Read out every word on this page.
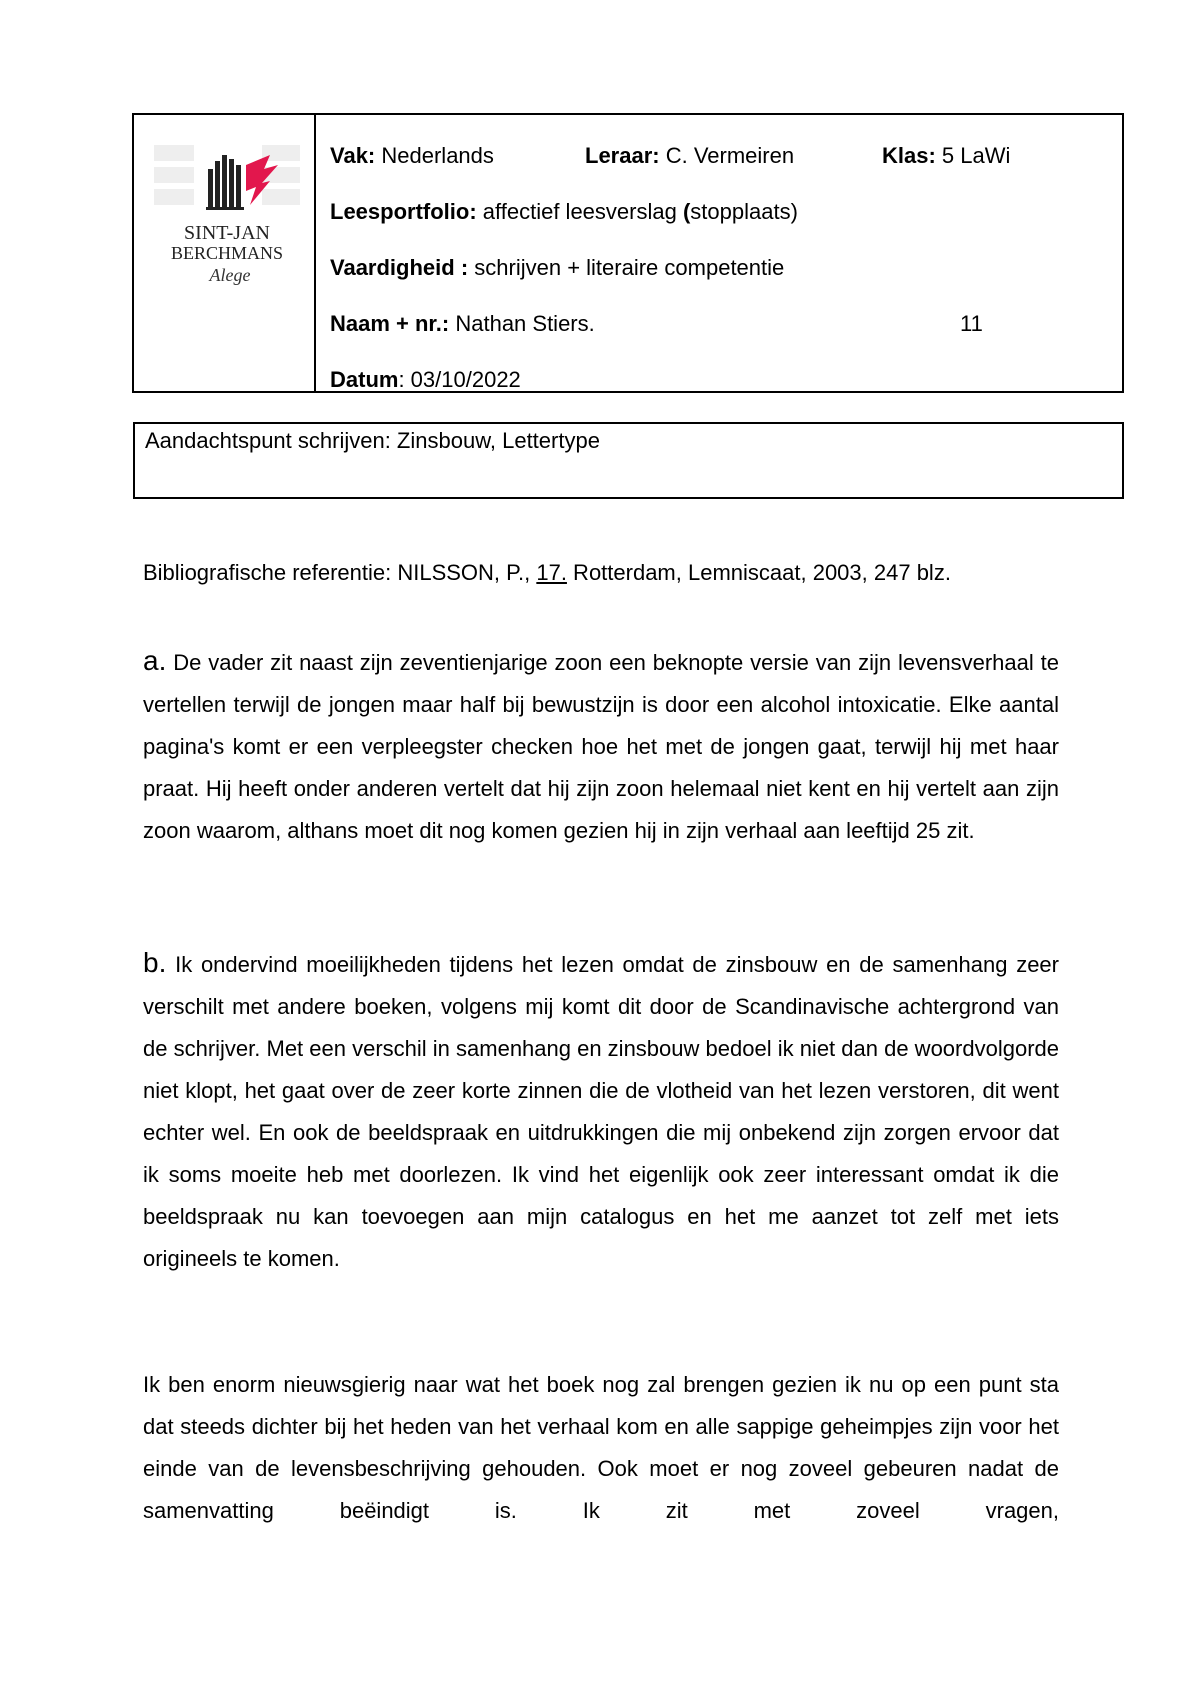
SINT-JAN
BERCHMANS
Alege
Vak: Nederlands	Leraar: C. Vermeiren	Klas: 5 LaWi
Leesportfolio: affectief leesverslag (stopplaats)
Vaardigheid : schrijven + literaire competentie
Naam + nr.: Nathan Stiers.	11
Datum: 03/10/2022
Aandachtspunt schrijven: Zinsbouw, Lettertype
Bibliografische referentie: NILSSON, P., 17. Rotterdam, Lemniscaat, 2003, 247 blz.

a. De vader zit naast zijn zeventienjarige zoon een beknopte versie van zijn levensverhaal te vertellen terwijl de jongen maar half bij bewustzijn is door een alcohol intoxicatie. Elke aantal pagina's komt er een verpleegster checken hoe het met de jongen gaat, terwijl hij met haar praat. Hij heeft onder anderen vertelt dat hij zijn zoon helemaal niet kent en hij vertelt aan zijn zoon waarom, althans moet dit nog komen gezien hij in zijn verhaal aan leeftijd 25 zit.

b. Ik ondervind moeilijkheden tijdens het lezen omdat de zinsbouw en de samenhang zeer verschilt met andere boeken, volgens mij komt dit door de Scandinavische achtergrond van de schrijver. Met een verschil in samenhang en zinsbouw bedoel ik niet dan de woordvolgorde niet klopt, het gaat over de zeer korte zinnen die de vlotheid van het lezen verstoren, dit went echter wel. En ook de beeldspraak en uitdrukkingen die mij onbekend zijn zorgen ervoor dat ik soms moeite heb met doorlezen. Ik vind het eigenlijk ook zeer interessant omdat ik die beeldspraak nu kan toevoegen aan mijn catalogus en het me aanzet tot zelf met iets origineels te komen.

Ik ben enorm nieuwsgierig naar wat het boek nog zal brengen gezien ik nu op een punt sta dat steeds dichter bij het heden van het verhaal kom en alle sappige geheimpjes zijn voor het einde van de levensbeschrijving gehouden. Ook moet er nog zoveel gebeuren nadat de samenvatting beëindigt is. Ik zit met zoveel vragen,
